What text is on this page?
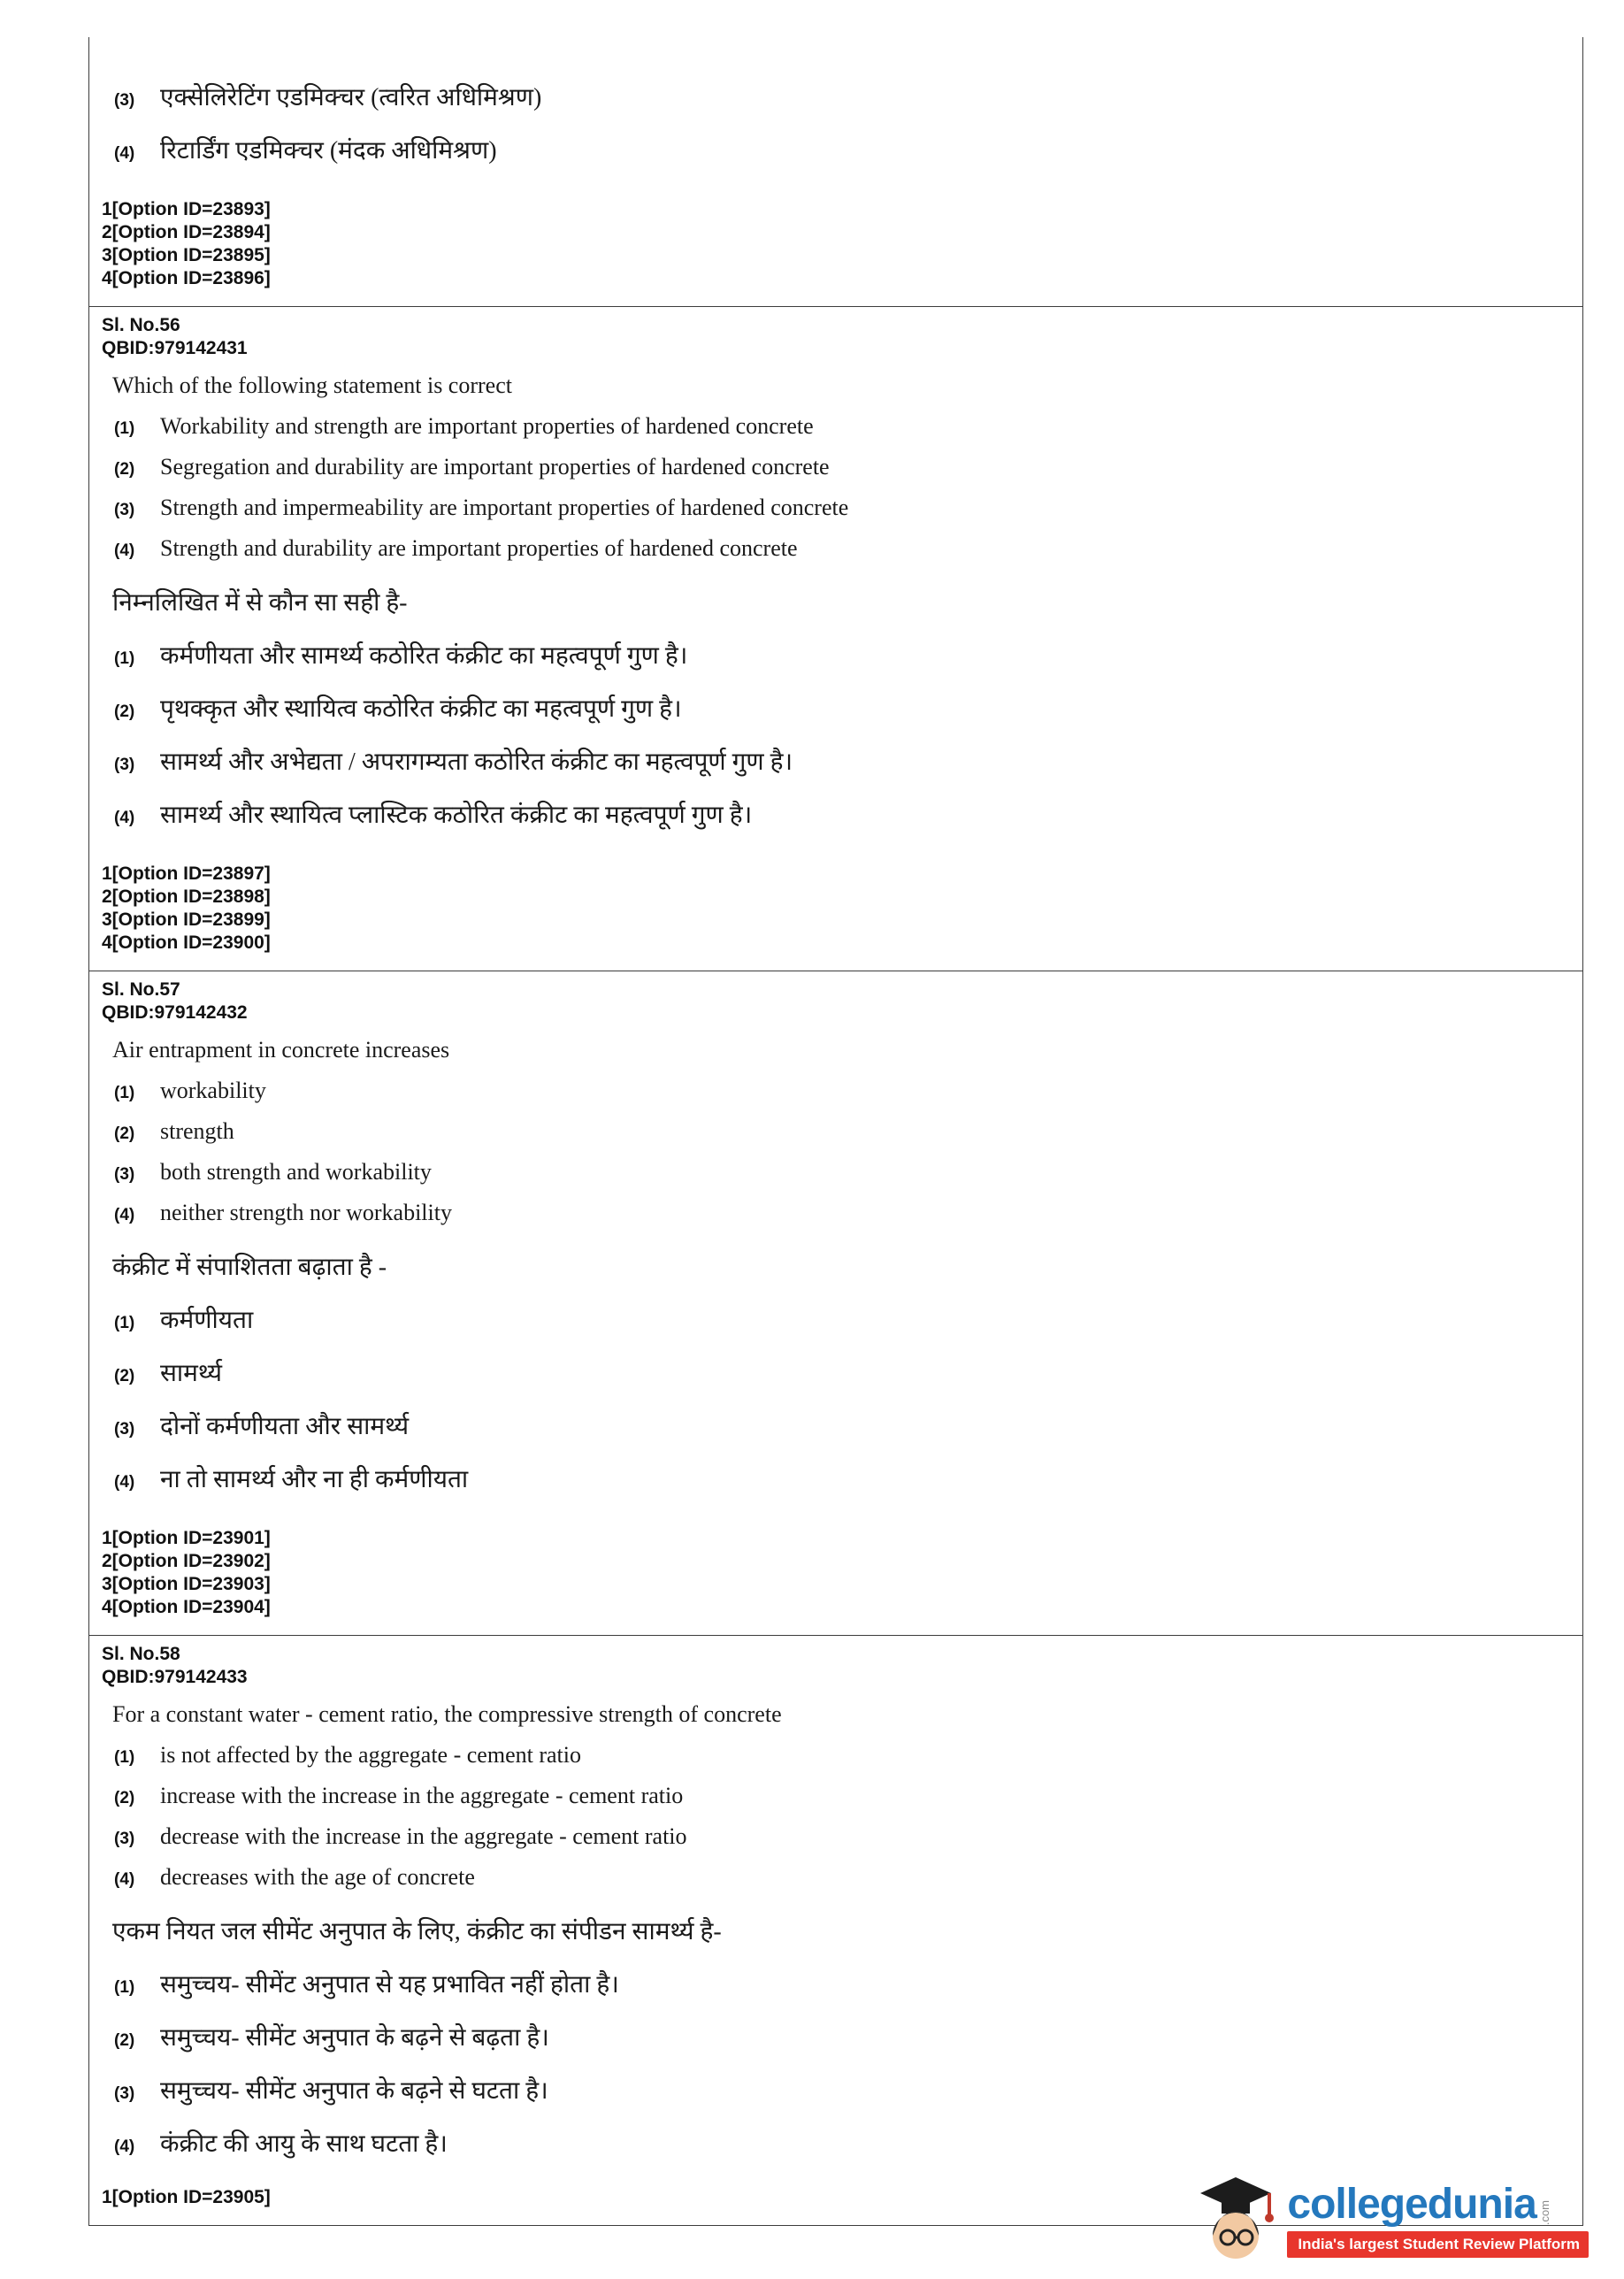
(3)	एक्सेलिरेटिंग एडमिक्चर (त्वरित अधिमिश्रण)
(4)	रिटार्डिंग एडमिक्चर (मंदक अधिमिश्रण)
1[Option ID=23893]
2[Option ID=23894]
3[Option ID=23895]
4[Option ID=23896]
Sl. No.56
QBID:979142431
Which of the following statement is correct
(1)	Workability and strength are important properties of hardened concrete
(2)	Segregation and durability are important properties of hardened concrete
(3)	Strength and impermeability are important properties of hardened concrete
(4)	Strength and durability are important properties of hardened concrete
निम्नलिखित में से कौन सा सही है-
(1)	कर्मणीयता और सामर्थ्य कठोरित कंक्रीट का महत्वपूर्ण गुण है।
(2)	पृथक्कृत और स्थायित्व कठोरित कंक्रीट का महत्वपूर्ण गुण है।
(3)	सामर्थ्य और अभेद्यता / अपरागम्यता कठोरित कंक्रीट का महत्वपूर्ण गुण है।
(4)	सामर्थ्य और स्थायित्व प्लास्टिक कठोरित कंक्रीट का महत्वपूर्ण गुण है।
1[Option ID=23897]
2[Option ID=23898]
3[Option ID=23899]
4[Option ID=23900]
Sl. No.57
QBID:979142432
Air entrapment in concrete increases
(1)	workability
(2)	strength
(3)	both strength and workability
(4)	neither strength nor workability
कंक्रीट में संपाशितता बढ़ाता है -
(1)	कर्मणीयता
(2)	सामर्थ्य
(3)	दोनों कर्मणीयता और सामर्थ्य
(4)	ना तो सामर्थ्य और ना ही कर्मणीयता
1[Option ID=23901]
2[Option ID=23902]
3[Option ID=23903]
4[Option ID=23904]
Sl. No.58
QBID:979142433
For a constant water - cement ratio, the compressive strength of concrete
(1)	is not affected by the aggregate - cement ratio
(2)	increase with the increase in the aggregate - cement ratio
(3)	decrease with the increase in the aggregate - cement ratio
(4)	decreases with the age of concrete
एकम नियत जल सीमेंट अनुपात के लिए, कंक्रीट का संपीडन सामर्थ्य है-
(1)	समुच्चय- सीमेंट अनुपात से यह प्रभावित नहीं होता है।
(2)	समुच्चय- सीमेंट अनुपात के बढ़ने से बढ़ता है।
(3)	समुच्चय- सीमेंट अनुपात के बढ़ने से घटता है।
(4)	कंक्रीट की आयु के साथ घटता है।
1[Option ID=23905]	collegedunia .com
India's largest Student Review Platform
